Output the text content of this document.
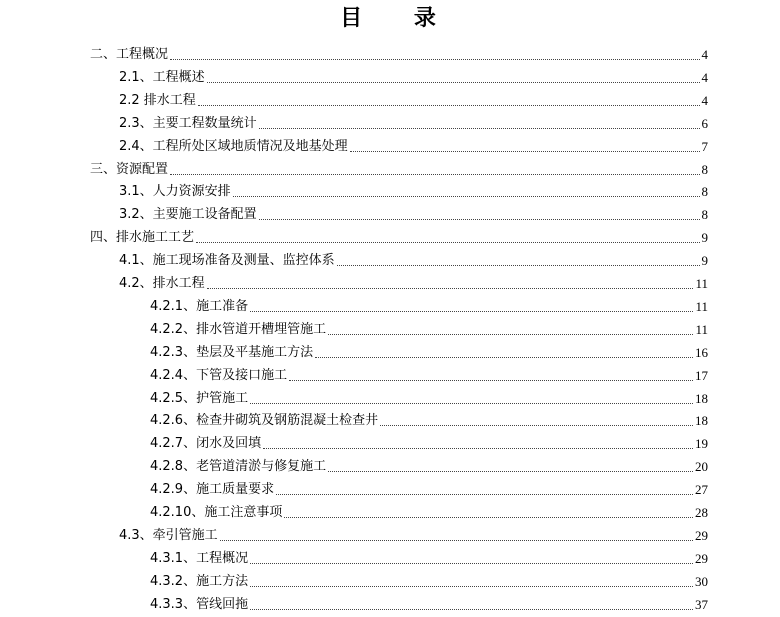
目 录
二、工程概况	4
2.1、工程概述	4
2.2 排水工程	4
2.3、主要工程数量统计	6
2.4、工程所处区域地质情况及地基处理	7
三、资源配置	8
3.1、人力资源安排	8
3.2、主要施工设备配置	8
四、排水施工工艺	9
4.1、施工现场准备及测量、监控体系	9
4.2、排水工程	11
4.2.1、施工准备	11
4.2.2、排水管道开槽埋管施工	11
4.2.3、垫层及平基施工方法	16
4.2.4、下管及接口施工	17
4.2.5、护管施工	18
4.2.6、检查井砌筑及钢筋混凝土检查井	18
4.2.7、闭水及回填	19
4.2.8、老管道清淤与修复施工	20
4.2.9、施工质量要求	27
4.2.10、施工注意事项	28
4.3、牵引管施工	29
4.3.1、工程概况	29
4.3.2、施工方法	30
4.3.3、管线回拖	37
